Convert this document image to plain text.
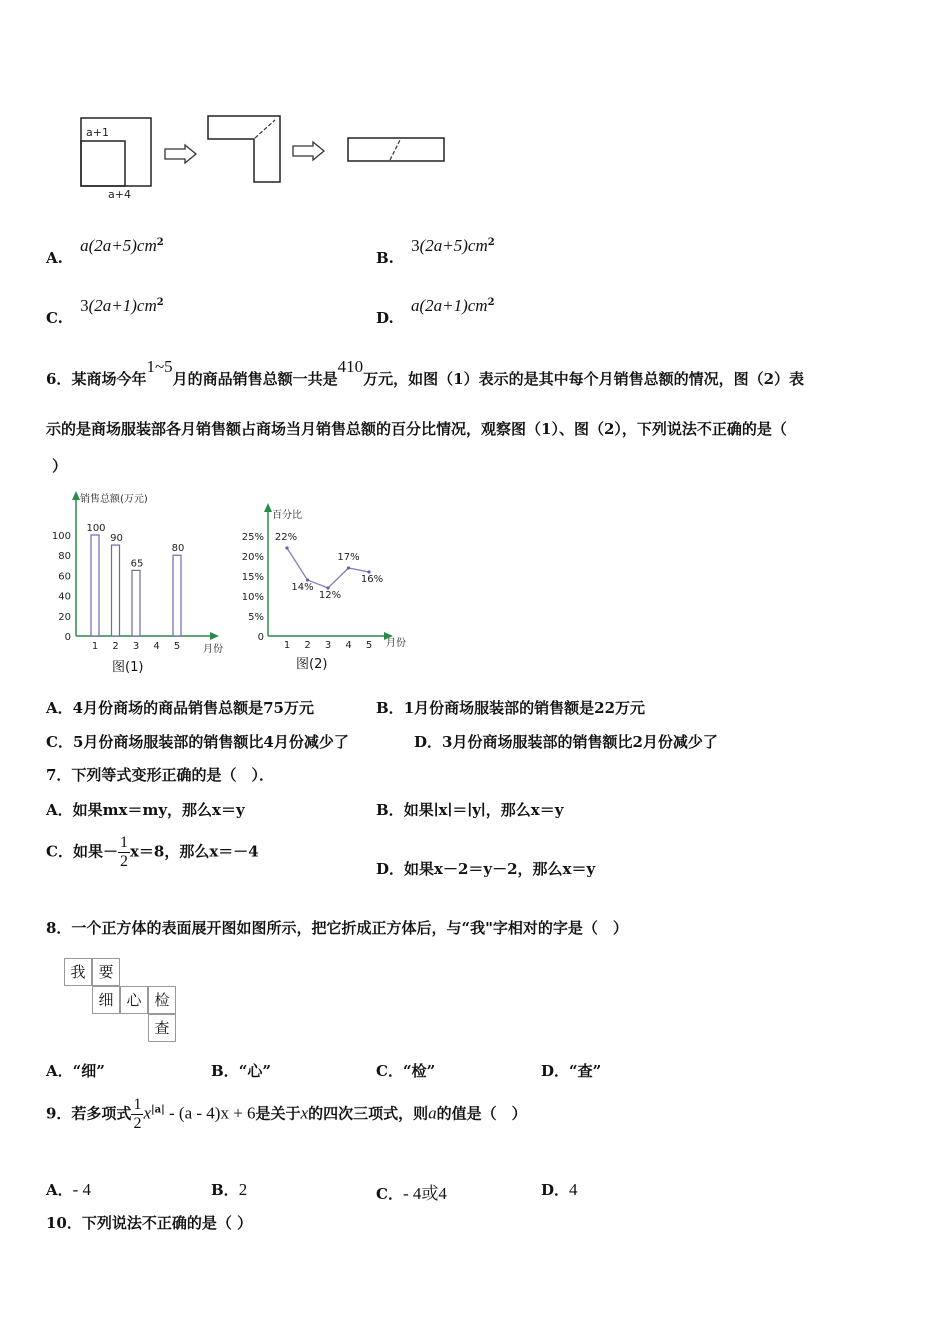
a+1
a+4
A. $a(2a+5)cm^2$
B. $3(2a+5)cm^2$
C. $3(2a+1)cm^2$
D. $a(2a+1)cm^2$
6．某商场今年1~5月的商品销售总额一共是410万元，如图（1）表示的是其中每个月销售总额的情况，图（2）表
示的是商场服装部各月销售额占商场当月销售总额的百分比情况，观察图（1）、图（2），下列说法不正确的是（
）
销售总额(万元)
月份
0
20
40
60
80
100
1 2 3 4 5
100
90
65
80
图(1)
百分比
月份
0
5%
10%
15%
20%
25%
1 2 3 4 5
22%
14%
12%
17%
16%
图(2)
A．4月份商场的商品销售总额是75万元	B．1月份商场服装部的销售额是22万元
C．5月份商场服装部的销售额比4月份减少了	D．3月份商场服装部的销售额比2月份减少了
7．下列等式变形正确的是（　）．
A．如果mx＝my，那么x＝y	B．如果∣x∣＝∣y∣，那么x＝y
C．如果－ $\frac{1}{2} x=8$，那么x＝－4
D．如果x－2＝y－2，那么x＝y
8．一个正方体的表面展开图如图所示，把它折成正方体后，与“我"字相对的字是（　）
我 要
细 心 检
查
A．“细”	B．“心”	C．“检”	D．“查”
9．若多项式 $\frac{1}{2} x^{|a|} - (a - 4)x + 6$是关于x的四次三项式，则a的值是（　）
A．- 4	B．2	C．- 4或4	D．4
10．下列说法不正确的是（ ）
